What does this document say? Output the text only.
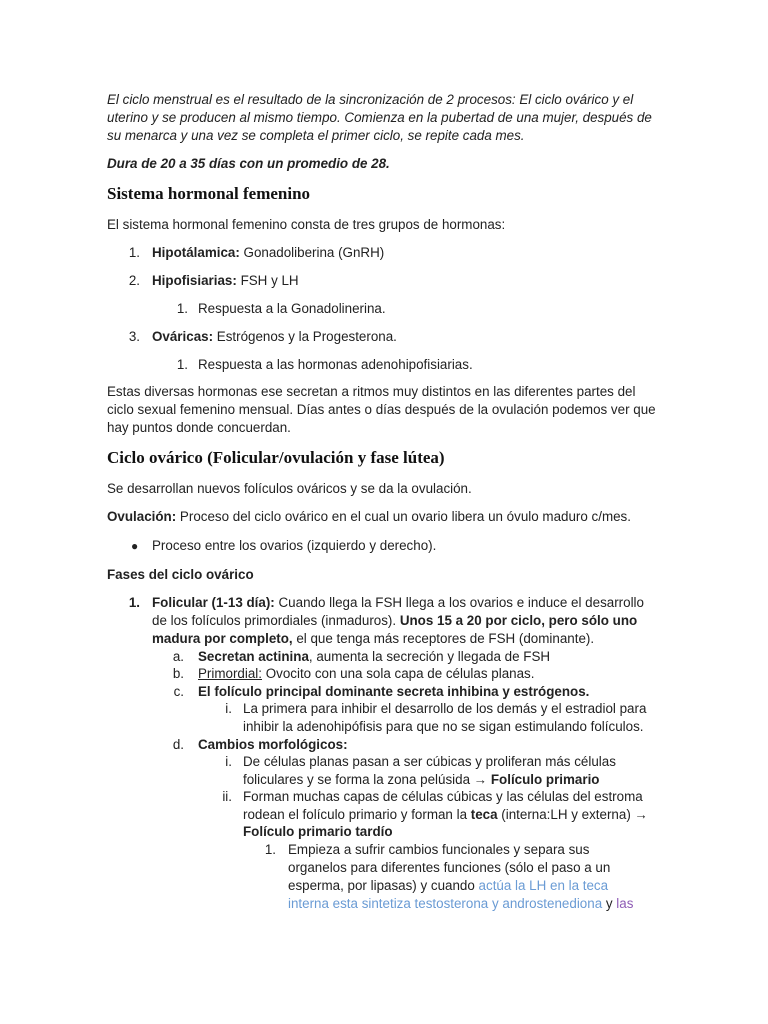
El ciclo menstrual es el resultado de la sincronización de 2 procesos: El ciclo ovárico y el uterino y se producen al mismo tiempo. Comienza en la pubertad de una mujer, después de su menarca y una vez se completa el primer ciclo, se repite cada mes.
Dura de 20 a 35 días con un promedio de 28.
Sistema hormonal femenino
El sistema hormonal femenino consta de tres grupos de hormonas:
1. Hipotálamica: Gonadoliberina (GnRH)
2. Hipofisiarias: FSH y LH
1. Respuesta a la Gonadolinerina.
3. Ováricas: Estrógenos y la Progesterona.
1. Respuesta a las hormonas adenohipofisiarias.
Estas diversas hormonas ese secretan a ritmos muy distintos en las diferentes partes del ciclo sexual femenino mensual. Días antes o días después de la ovulación podemos ver que hay puntos donde concuerdan.
Ciclo ovárico (Folicular/ovulación y fase lútea)
Se desarrollan nuevos folículos ováricos y se da la ovulación.
Ovulación: Proceso del ciclo ovárico en el cual un ovario libera un óvulo maduro c/mes.
● Proceso entre los ovarios (izquierdo y derecho).
Fases del ciclo ovárico
1. Folicular (1-13 día): Cuando llega la FSH llega a los ovarios e induce el desarrollo
de los folículos primordiales (inmaduros). Unos 15 a 20 por ciclo, pero sólo uno
madura por completo, el que tenga más receptores de FSH (dominante).
a. Secretan actinina, aumenta la secreción y llegada de FSH
b. Primordial: Ovocito con una sola capa de células planas.
c. El folículo principal dominante secreta inhibina y estrógenos.
i. La primera para inhibir el desarrollo de los demás y el estradiol para
inhibir la adenohipófisis para que no se sigan estimulando folículos.
d. Cambios morfológicos:
i. De células planas pasan a ser cúbicas y proliferan más células
foliculares y se forma la zona pelúsida → Folículo primario
ii. Forman muchas capas de células cúbicas y las células del estroma
rodean el folículo primario y forman la teca (interna:LH y externa) →
Folículo primario tardío
1. Empieza a sufrir cambios funcionales y separa sus
organelos para diferentes funciones (sólo el paso a un
esperma, por lipasas) y cuando actúa la LH en la teca
interna esta sintetiza testosterona y androstenediona y las
